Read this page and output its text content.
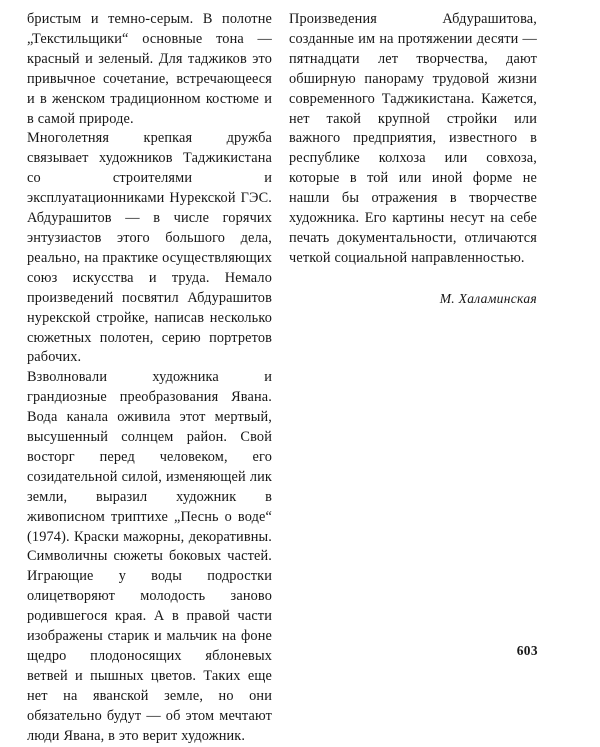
бристым и темно-серым. В полотне „Текстильщики“ основные тона — красный и зеленый. Для таджиков это привычное сочетание, встречающееся и в женском традиционном костюме и в самой природе.

Многолетняя крепкая дружба связывает художников Таджикистана со строителями и эксплуатационниками Нурекской ГЭС. Абдурашитов — в числе горячих энтузиастов этого большого дела, реально, на практике осуществляющих союз искусства и труда. Немало произведений посвятил Абдурашитов нурекской стройке, написав несколько сюжетных полотен, серию портретов рабочих.

Взволновали художника и грандиозные преобразования Явана. Вода канала оживила этот мертвый, высушенный солнцем район. Свой восторг перед человеком, его созидательной силой, изменяющей лик земли, выразил художник в живописном триптихе „Песнь о воде“ (1974). Краски мажорны, декоративны. Символичны сюжеты боковых частей. Играющие у воды подростки олицетворяют молодость заново родившегося края. А в правой части изображены старик и мальчик на фоне щедро плодоносящих яблоневых ветвей и пышных цветов. Таких еще нет на яванской земле, но они обязательно будут — об этом мечтают люди Явана, в это верит художник.

Произведения Абдурашитова, созданные им на протяжении десяти — пятнадцати лет творчества, дают обширную панораму трудовой жизни современного Таджикистана. Кажется, нет такой крупной стройки или важного предприятия, известного в республике колхоза или совхоза, которые в той или иной форме не нашли бы отражения в творчестве художника. Его картины несут на себе печать документальности, отличаются четкой социальной направленностью.

М. Халаминская

603
